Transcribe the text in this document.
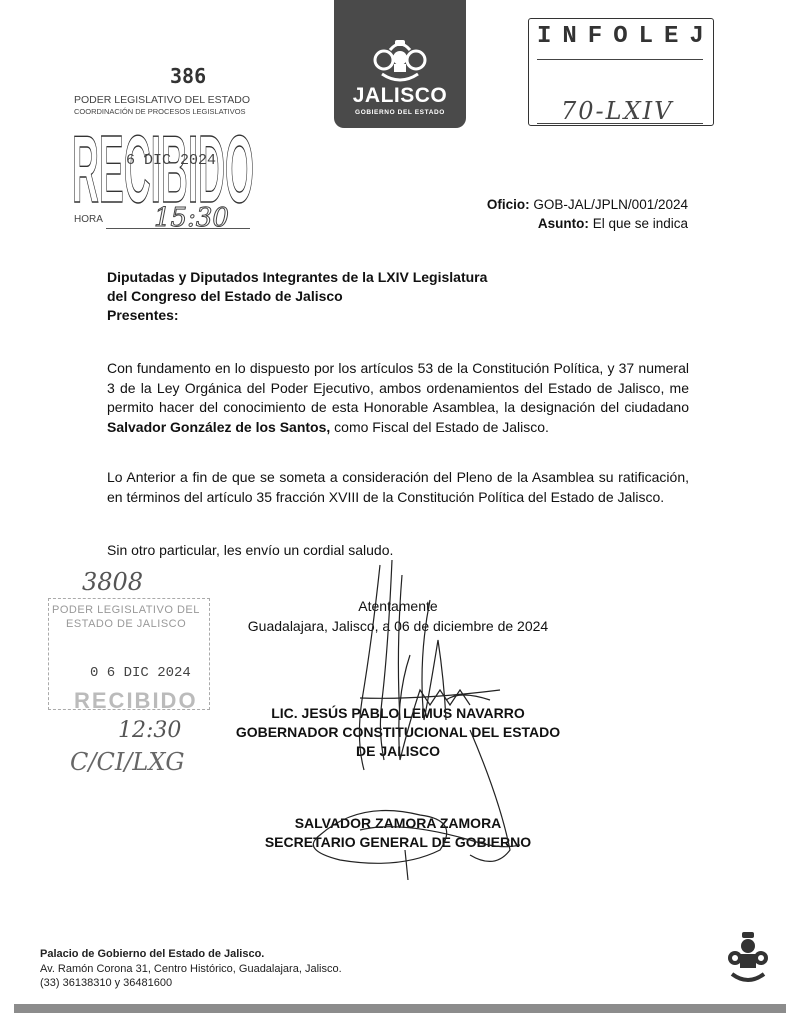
JALISCO
GOBIERNO DEL ESTADO
INFOLEJ
70-LXIV
386
PODER LEGISLATIVO DEL ESTADO
COORDINACIÓN DE PROCESOS LEGISLATIVOS
RECIBIDO
6 DIC 2024
HORA 15:30	Oficio: GOB-JAL/JPLN/001/2024
Asunto: El que se indica
Diputadas y Diputados Integrantes de la LXIV Legislatura
del Congreso del Estado de Jalisco
Presentes:
Con fundamento en lo dispuesto por los artículos 53 de la Constitución Política, y 37 numeral 3 de la Ley Orgánica del Poder Ejecutivo, ambos ordenamientos del Estado de Jalisco, me permito hacer del conocimiento de esta Honorable Asamblea, la designación del ciudadano Salvador González de los Santos, como Fiscal del Estado de Jalisco.
Lo Anterior a fin de que se someta a consideración del Pleno de la Asamblea su ratificación, en términos del artículo 35 fracción XVIII de la Constitución Política del Estado de Jalisco.
Sin otro particular, les envío un cordial saludo.
Atentamente
Guadalajara, Jalisco, a 06 de diciembre de 2024
LIC. JESÚS PABLO LEMUS NAVARRO
GOBERNADOR CONSTITUCIONAL DEL ESTADO
DE JALISCO
SALVADOR ZAMORA ZAMORA
SECRETARIO GENERAL DE GOBIERNO
3808
PODER LEGISLATIVO DEL
ESTADO DE JALISCO
0 6 DIC 2024
RECIBIDO
12:30
C/CI/LXG
Palacio de Gobierno del Estado de Jalisco.
Av. Ramón Corona 31, Centro Histórico, Guadalajara, Jalisco.
(33) 36138310 y 36481600
